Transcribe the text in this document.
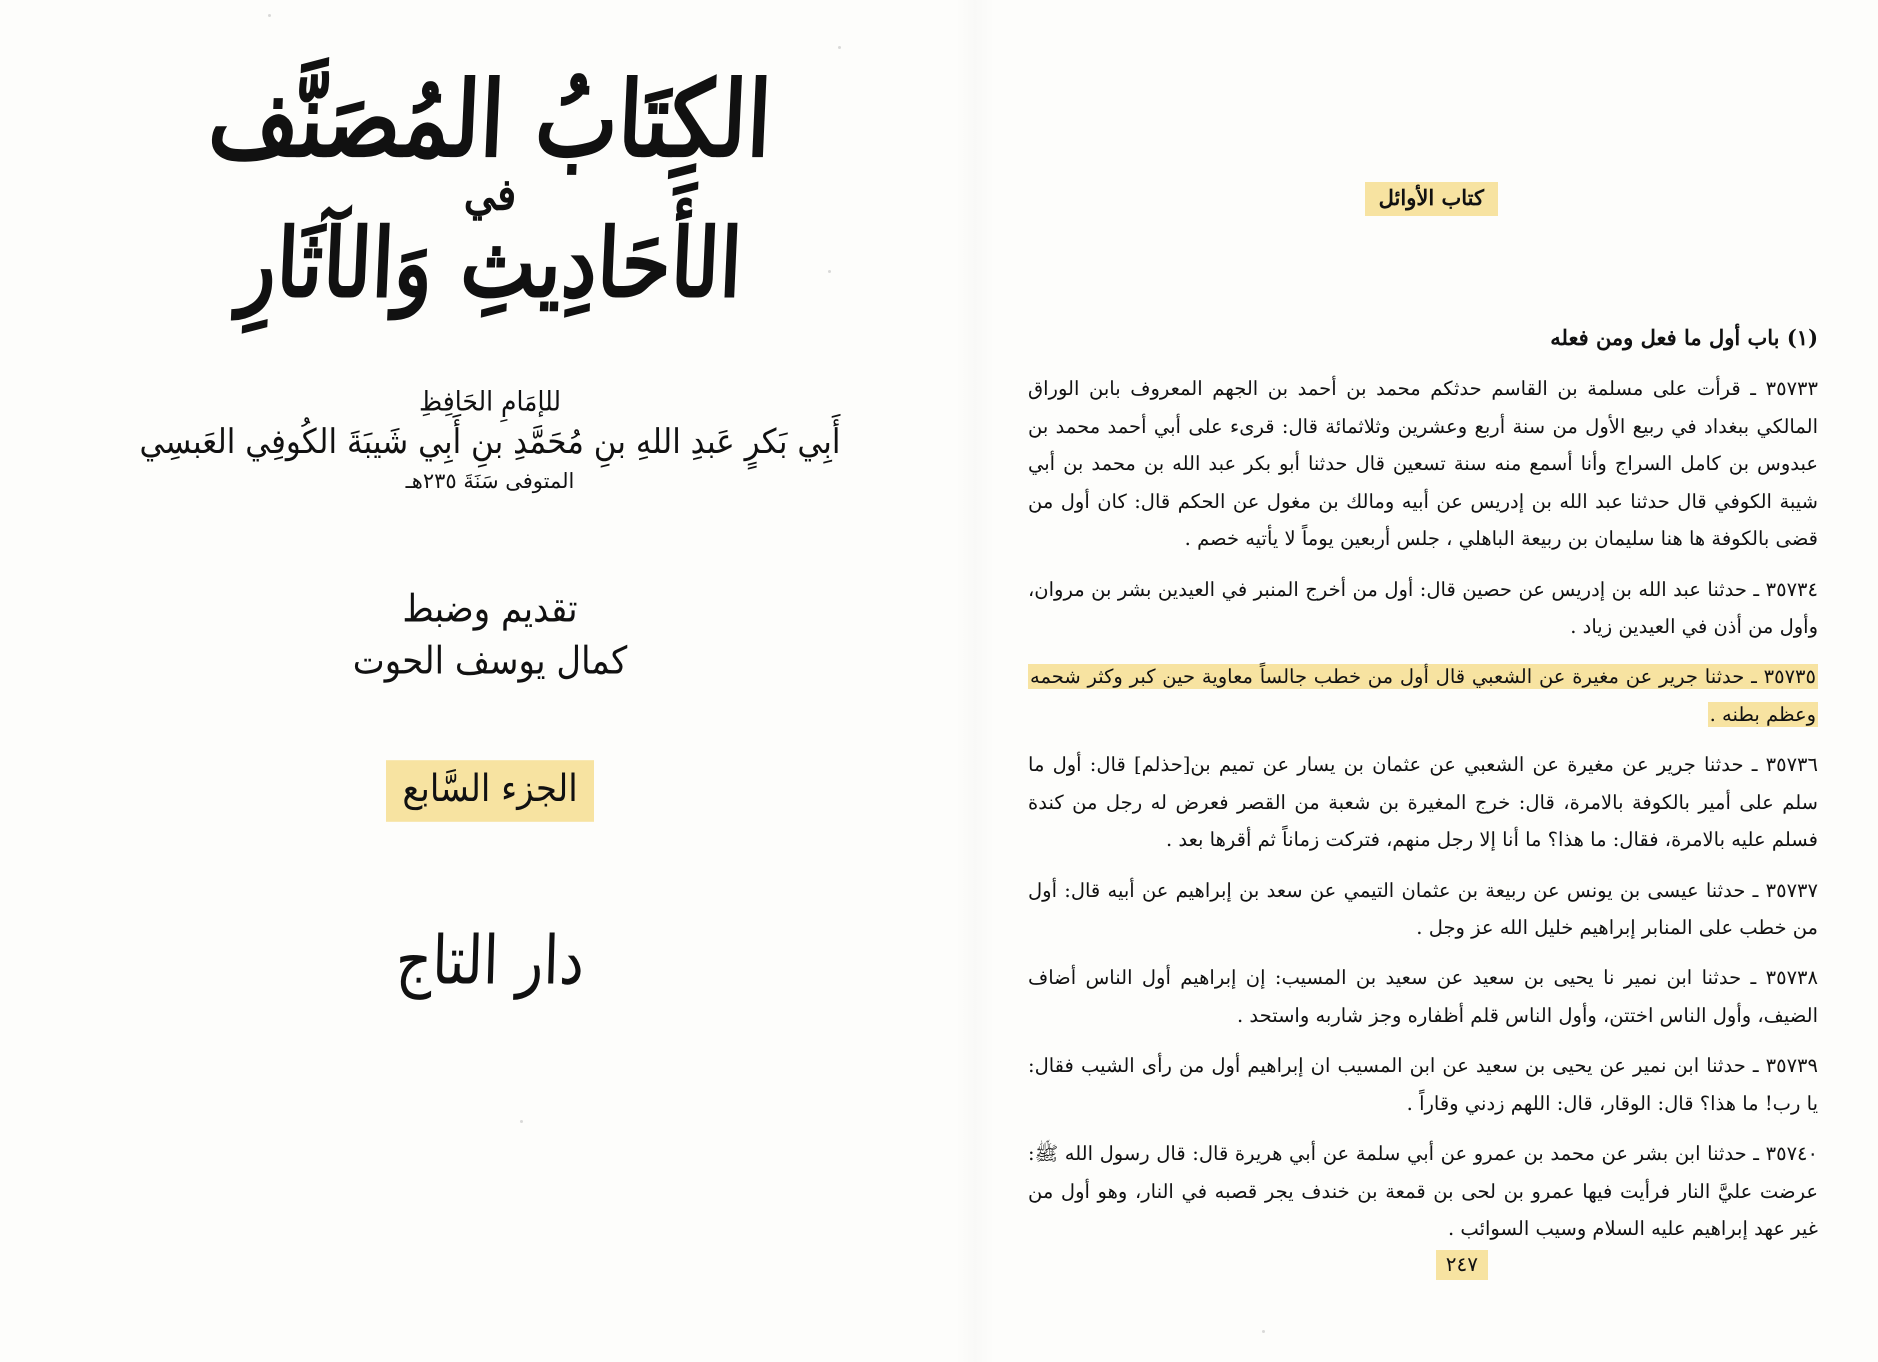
الكِتَابُ المُصَنَّف
في
الأَحَادِيثِ وَالآثَارِ
للإمَامِ الحَافِظِ
أَبِي بَكرٍ عَبدِ اللهِ بنِ مُحَمَّدِ بنِ أَبِي شَيبَةَ الكُوفِي العَبسِي
المتوفى سَنَةَ ٢٣٥هـ
تقديم وضبط
كمال يوسف الحوت
الجزء السَّابع
دار التاج
كتاب الأوائل
(١) باب أول ما فعل ومن فعله

٣٥٧٣٣ ـ قرأت على مسلمة بن القاسم حدثكم محمد بن أحمد بن الجهم المعروف بابن الوراق المالكي ببغداد في ربيع الأول من سنة أربع وعشرين وثلاثمائة قال: قرىء على أبي أحمد محمد بن عبدوس بن كامل السراج وأنا أسمع منه سنة تسعين قال حدثنا أبو بكر عبد الله بن محمد بن أبي شيبة الكوفي قال حدثنا عبد الله بن إدريس عن أبيه ومالك بن مغول عن الحكم قال: كان أول من قضى بالكوفة ها هنا سليمان بن ربيعة الباهلي ، جلس أربعين يوماً لا يأتيه خصم .

٣٥٧٣٤ ـ حدثنا عبد الله بن إدريس عن حصين قال: أول من أخرج المنبر في العيدين بشر بن مروان، وأول من أذن في العيدين زياد .

٣٥٧٣٥ ـ حدثنا جرير عن مغيرة عن الشعبي قال أول من خطب جالساً معاوية حين كبر وكثر شحمه وعظم بطنه .

٣٥٧٣٦ ـ حدثنا جرير عن مغيرة عن الشعبي عن عثمان بن يسار عن تميم بن[حذلم] قال: أول ما سلم على أمير بالكوفة بالامرة، قال: خرج المغيرة بن شعبة من القصر فعرض له رجل من كندة فسلم عليه بالامرة، فقال: ما هذا؟ ما أنا إلا رجل منهم، فتركت زماناً ثم أقرها بعد .

٣٥٧٣٧ ـ حدثنا عيسى بن يونس عن ربيعة بن عثمان التيمي عن سعد بن إبراهيم عن أبيه قال: أول من خطب على المنابر إبراهيم خليل الله عز وجل .

٣٥٧٣٨ ـ حدثنا ابن نمير نا يحيى بن سعيد عن سعيد بن المسيب: إن إبراهيم أول الناس أضاف الضيف، وأول الناس اختتن، وأول الناس قلم أظفاره وجز شاربه واستحد .

٣٥٧٣٩ ـ حدثنا ابن نمير عن يحيى بن سعيد عن ابن المسيب ان إبراهيم أول من رأى الشيب فقال: يا رب! ما هذا؟ قال: الوقار، قال: اللهم زدني وقاراً .

٣٥٧٤٠ ـ حدثنا ابن بشر عن محمد بن عمرو عن أبي سلمة عن أبي هريرة قال: قال رسول الله ﷺ: عرضت عليَّ النار فرأيت فيها عمرو بن لحى بن قمعة بن خندف يجر قصبه في النار، وهو أول من غير عهد إبراهيم عليه السلام وسيب السوائب .

٢٤٧
